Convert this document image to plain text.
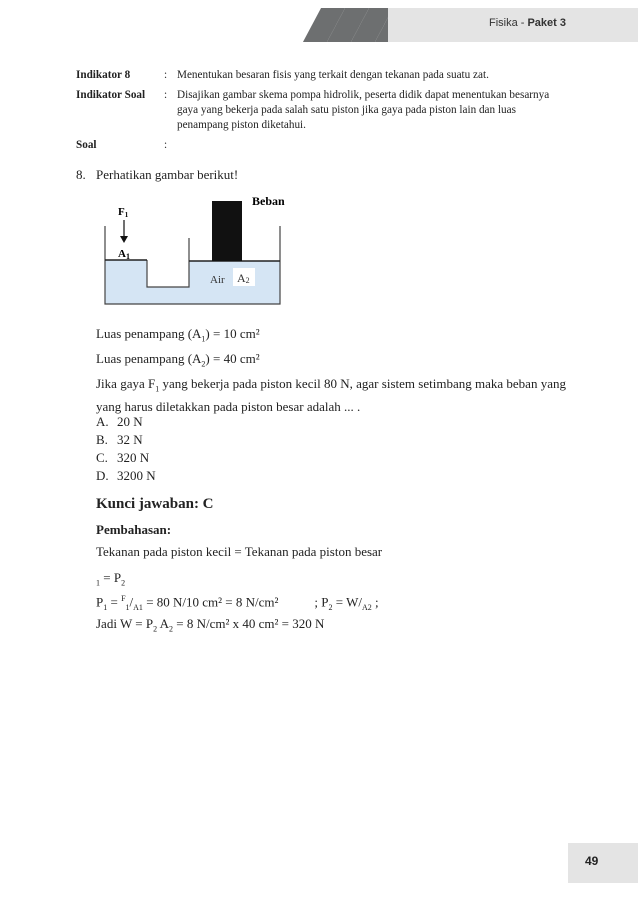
Fisika - Paket 3
Indikator 8	: Menentukan besaran fisis yang terkait dengan tekanan pada suatu zat.
Indikator Soal : Disajikan gambar skema pompa hidrolik, peserta didik dapat menentukan besarnya
gaya yang bekerja pada salah satu piston jika gaya pada piston lain dan luas
penampang piston diketahui.
Soal	:
8. Perhatikan gambar berikut!
F1
A1
Beban
Air A2
Luas penampang $(A_1) = 10$ cm²
Luas penampang $(A_2) = 40$ cm²
Jika gaya $F_1$ yang bekerja pada piston kecil 80 N, agar sistem setimbang maka beban yang yang harus diletakkan pada piston besar adalah ... .
A. 20 N
B. 32 N
C. 320 N
D. 3200 N
Kunci jawaban: C
Pembahasan:
Tekanan pada piston kecil = Tekanan pada piston besar
$_1 = P_2$
$P_1 = ^F_1/_{A1} = 80$ N/10 cm² = 8 N/cm²	; $P_2 = W/_{A2}$ ;
Jadi $W = P_2$ $A_2 = 8$ N/cm² x 40 cm² = 320 N
49
